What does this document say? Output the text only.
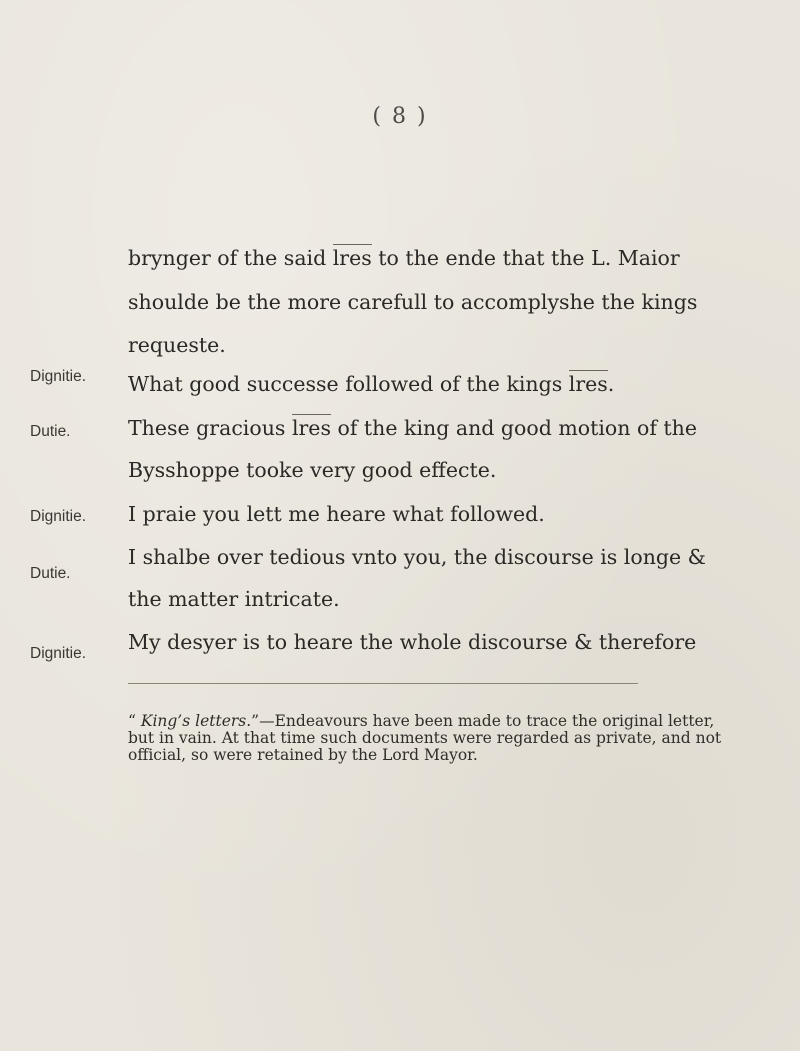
( 8 )
Dignitie.
Dutie.
Dignitie.
Dutie.
Dignitie.
brynger of the said lres to the ende that the L. Maior
shoulde be the more carefull to accomplyshe the kings
requeste.
What good successe followed of the kings lres.
These gracious lres of the king and good motion of the
Bysshoppe tooke very good effecte.
I praie you lett me heare what followed.
I shalbe over tedious vnto you, the discourse is longe &
the matter intricate.
My desyer is to heare the whole discourse & therefore
“ King’s letters.”—Endeavours have been made to trace the original letter,
but in vain. At that time such documents were regarded as private, and not
official, so were retained by the Lord Mayor.
